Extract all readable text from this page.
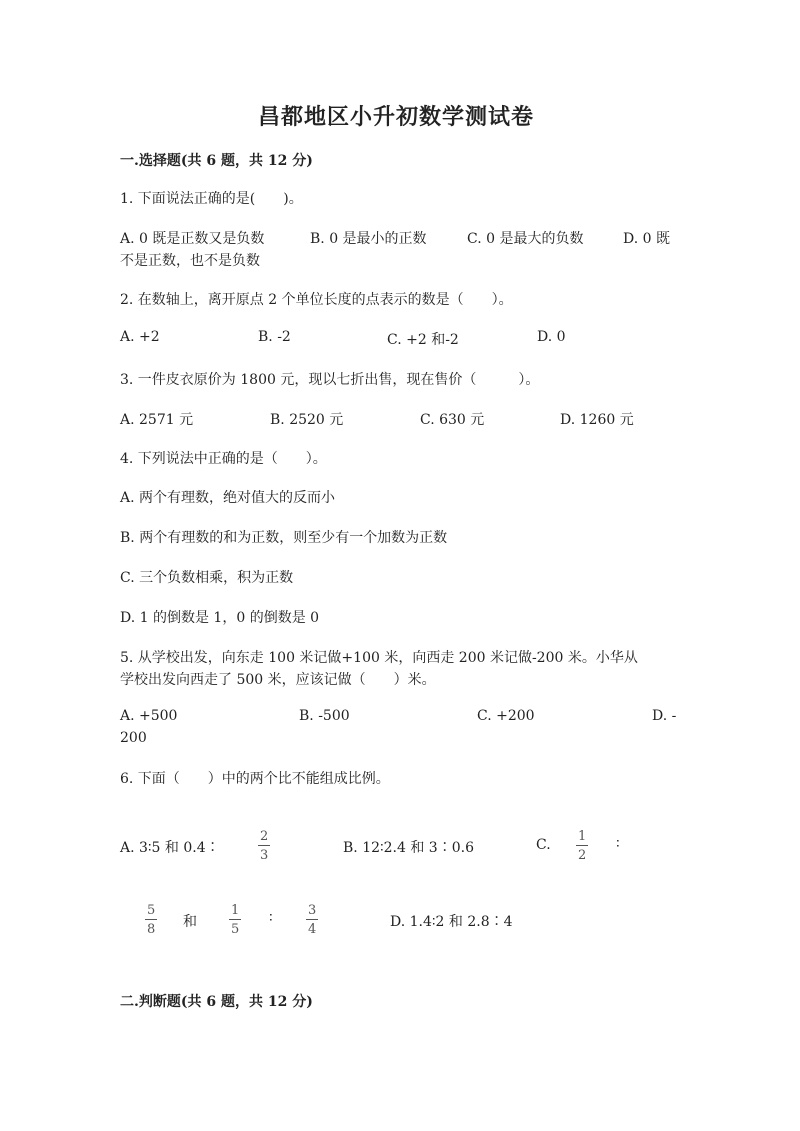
昌都地区小升初数学测试卷
一.选择题(共 6 题，共 12 分)
1. 下面说法正确的是(　　)。
A. 0 既是正数又是负数	B. 0 是最小的正数	C. 0 是最大的负数	D. 0 既
不是正数，也不是负数
2. 在数轴上，离开原点 2 个单位长度的点表示的数是（　　）。
A. +2	B. -2	C. +2 和-2	D. 0
3. 一件皮衣原价为 1800 元，现以七折出售，现在售价（　　　）。
A. 2571 元	B. 2520 元	C. 630 元	D. 1260 元
4. 下列说法中正确的是（　　）。
A. 两个有理数，绝对值大的反而小
B. 两个有理数的和为正数，则至少有一个加数为正数
C. 三个负数相乘，积为正数
D. 1 的倒数是 1，0 的倒数是 0
5. 从学校出发，向东走 100 米记做+100 米，向西走 200 米记做-200 米。小华从
学校出发向西走了 500 米，应该记做（　　）米。
A. +500	B. -500	C. +200	D. -
200
6. 下面（　　）中的两个比不能组成比例。
A. 3∶5 和 0.4∶
2
3	B. 12∶2.4 和 3∶0.6	C.
1
2
∶
5
8 和
1
5
∶	3
4	D. 1.4∶2 和 2.8∶4
二.判断题(共 6 题，共 12 分)
